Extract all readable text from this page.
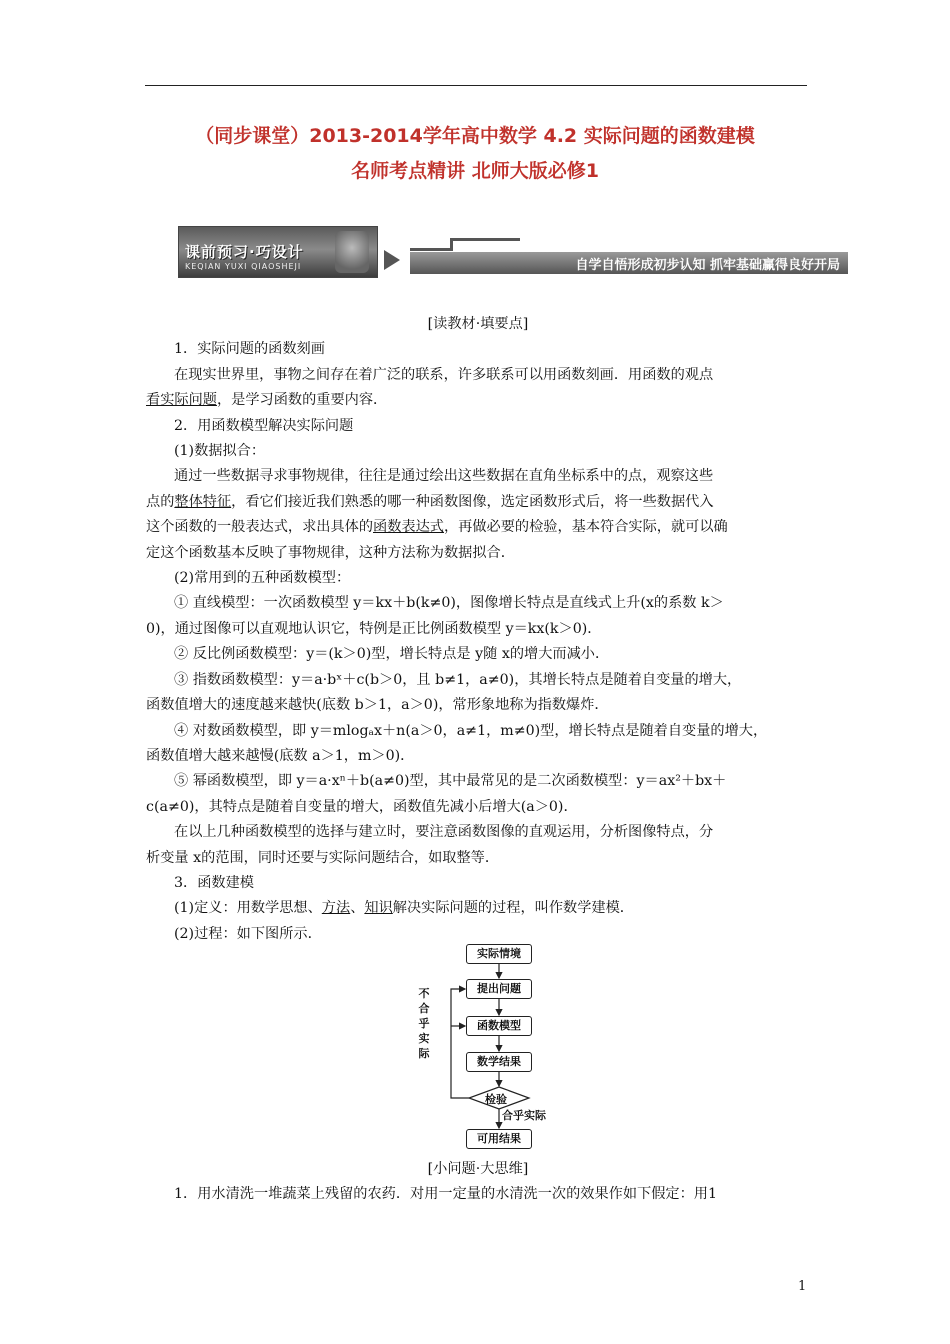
（同步课堂）2013-2014学年高中数学 4.2 实际问题的函数建模
名师考点精讲 北师大版必修1
课前预习·巧设计
KEQIAN YUXI QIAOSHEJI	自学自悟形成初步认知 抓牢基础赢得良好开局

[读教材·填要点]

1．实际问题的函数刻画

在现实世界里，事物之间存在着广泛的联系，许多联系可以用函数刻画．用函数的观点

看实际问题，是学习函数的重要内容．

2．用函数模型解决实际问题

(1)数据拟合：

通过一些数据寻求事物规律，往往是通过绘出这些数据在直角坐标系中的点，观察这些

点的整体特征，看它们接近我们熟悉的哪一种函数图像，选定函数形式后，将一些数据代入

这个函数的一般表达式，求出具体的函数表达式，再做必要的检验，基本符合实际，就可以确

定这个函数基本反映了事物规律，这种方法称为数据拟合．

(2)常用到的五种函数模型：

① 直线模型：一次函数模型 y＝kx＋b(k≠0)，图像增长特点是直线式上升(x的系数 k＞

0)，通过图像可以直观地认识它，特例是正比例函数模型 y＝kx(k＞0)．

② 反比例函数模型：y＝(k＞0)型，增长特点是 y随 x的增大而减小．

③ 指数函数模型：y＝a·bˣ＋c(b＞0，且 b≠1，a≠0)，其增长特点是随着自变量的增大，

函数值增大的速度越来越快(底数 b＞1，a＞0)，常形象地称为指数爆炸．

④ 对数函数模型，即 y＝mlogₐx＋n(a＞0，a≠1，m≠0)型，增长特点是随着自变量的增大，

函数值增大越来越慢(底数 a＞1，m＞0)．

⑤ 幂函数模型，即 y＝a·xⁿ＋b(a≠0)型，其中最常见的是二次函数模型：y＝ax²＋bx＋

c(a≠0)，其特点是随着自变量的增大，函数值先减小后增大(a＞0)．

在以上几种函数模型的选择与建立时，要注意函数图像的直观运用，分析图像特点，分

析变量 x的范围，同时还要与实际问题结合，如取整等．

3．函数建模

(1)定义：用数学思想、方法、知识解决实际问题的过程，叫作数学建模．

(2)过程：如下图所示．

实际情境
提出问题
函数模型
数学结果
检验
可用结果
不合乎实际
合乎实际

[小问题·大思维]

1．用水清洗一堆蔬菜上残留的农药．对用一定量的水清洗一次的效果作如下假定：用1

1
